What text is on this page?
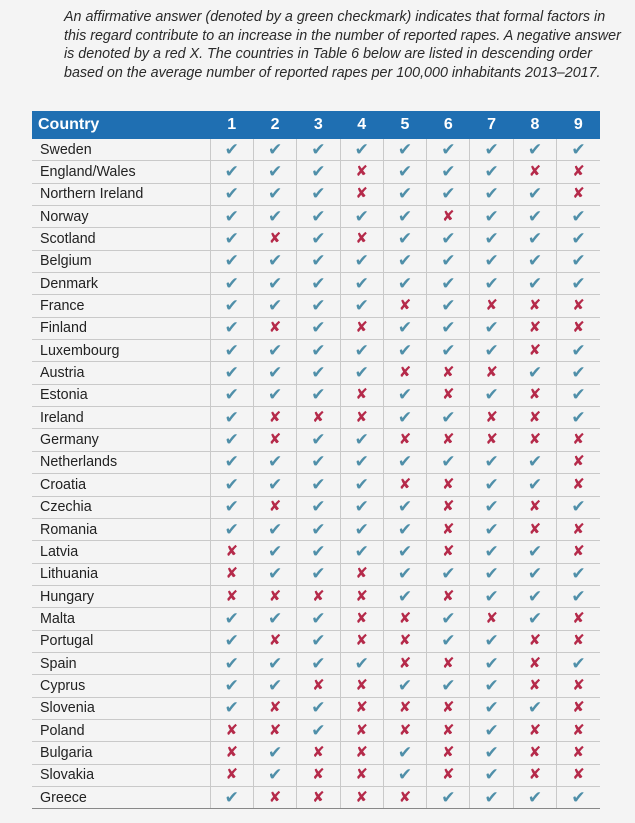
An affirmative answer (denoted by a green checkmark) indicates that formal factors in this regard contribute to an increase in the number of reported rapes. A negative answer is denoted by a red X. The countries in Table 6 below are listed in descending order based on the average number of reported rapes per 100,000 inhabitants 2013–2017.
Country	1	2	3	4	5	6	7	8	9
Sweden	✔	✔	✔	✔	✔	✔	✔	✔	✔
England/Wales	✔	✔	✔	✘	✔	✔	✔	✘	✘
Northern Ireland	✔	✔	✔	✘	✔	✔	✔	✔	✘
Norway	✔	✔	✔	✔	✔	✘	✔	✔	✔
Scotland	✔	✘	✔	✘	✔	✔	✔	✔	✔
Belgium	✔	✔	✔	✔	✔	✔	✔	✔	✔
Denmark	✔	✔	✔	✔	✔	✔	✔	✔	✔
France	✔	✔	✔	✔	✘	✔	✘	✘	✘
Finland	✔	✘	✔	✘	✔	✔	✔	✘	✘
Luxembourg	✔	✔	✔	✔	✔	✔	✔	✘	✔
Austria	✔	✔	✔	✔	✘	✘	✘	✔	✔
Estonia	✔	✔	✔	✘	✔	✘	✔	✘	✔
Ireland	✔	✘	✘	✘	✔	✔	✘	✘	✔
Germany	✔	✘	✔	✔	✘	✘	✘	✘	✘
Netherlands	✔	✔	✔	✔	✔	✔	✔	✔	✘
Croatia	✔	✔	✔	✔	✘	✘	✔	✔	✘
Czechia	✔	✘	✔	✔	✔	✘	✔	✘	✔
Romania	✔	✔	✔	✔	✔	✘	✔	✘	✘
Latvia	✘	✔	✔	✔	✔	✘	✔	✔	✘
Lithuania	✘	✔	✔	✘	✔	✔	✔	✔	✔
Hungary	✘	✘	✘	✘	✔	✘	✔	✔	✔
Malta	✔	✔	✔	✘	✘	✔	✘	✔	✘
Portugal	✔	✘	✔	✘	✘	✔	✔	✘	✘
Spain	✔	✔	✔	✔	✘	✘	✔	✘	✔
Cyprus	✔	✔	✘	✘	✔	✔	✔	✘	✘
Slovenia	✔	✘	✔	✘	✘	✘	✔	✔	✘
Poland	✘	✘	✔	✘	✘	✘	✔	✘	✘
Bulgaria	✘	✔	✘	✘	✔	✘	✔	✘	✘
Slovakia	✘	✔	✘	✘	✔	✘	✔	✘	✘
Greece	✔	✘	✘	✘	✘	✔	✔	✔	✔
